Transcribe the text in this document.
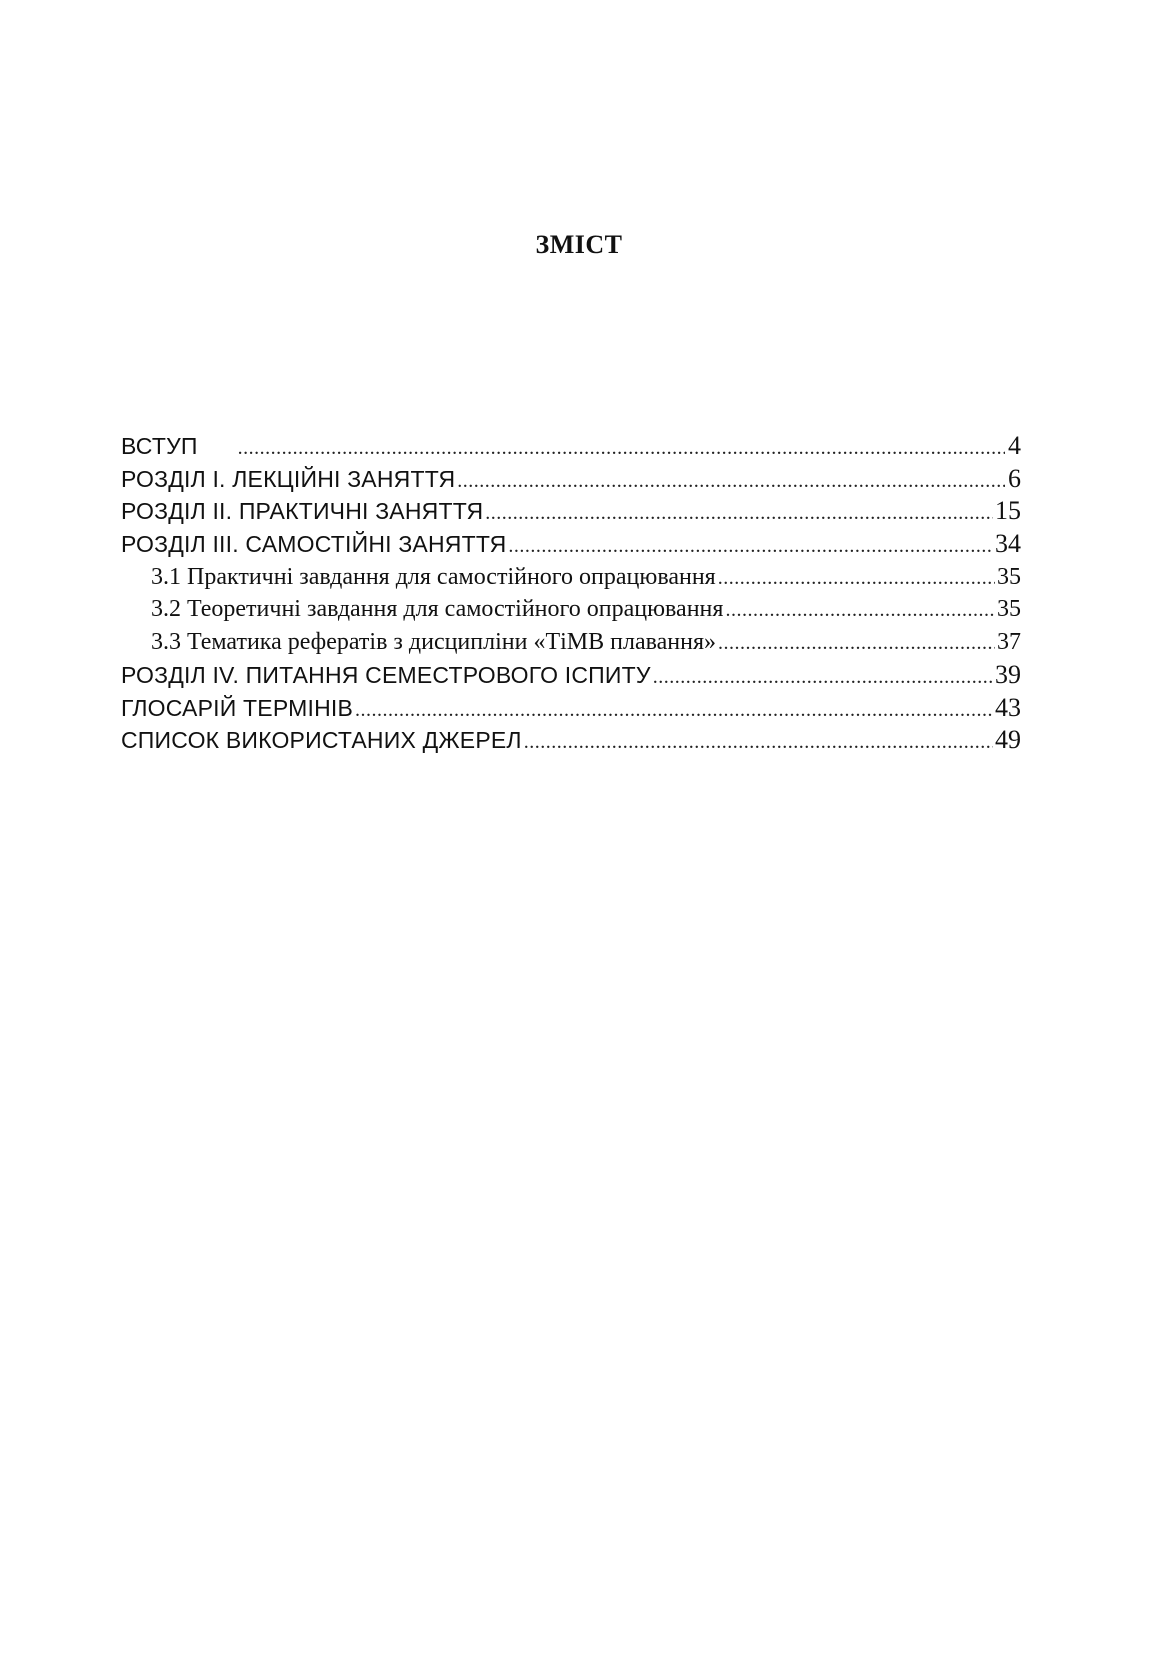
ЗМІСТ
ВСТУП .....	4
РОЗДІЛ І. ЛЕКЦІЙНІ ЗАНЯТТЯ .....	6
РОЗДІЛ ІІ. ПРАКТИЧНІ ЗАНЯТТЯ .....	15
РОЗДІЛ ІІІ. САМОСТІЙНІ ЗАНЯТТЯ .....	34
3.1 Практичні завдання для самостійного опрацювання .....	35
3.2 Теоретичні завдання для самостійного опрацювання .....	35
3.3 Тематика рефератів з дисципліни «ТіМВ плавання» .....	37
РОЗДІЛ ІV. ПИТАННЯ СЕМЕСТРОВОГО ІСПИТУ .....	39
ГЛОСАРІЙ ТЕРМІНІВ .....	43
СПИСОК ВИКОРИСТАНИХ ДЖЕРЕЛ .....	49
